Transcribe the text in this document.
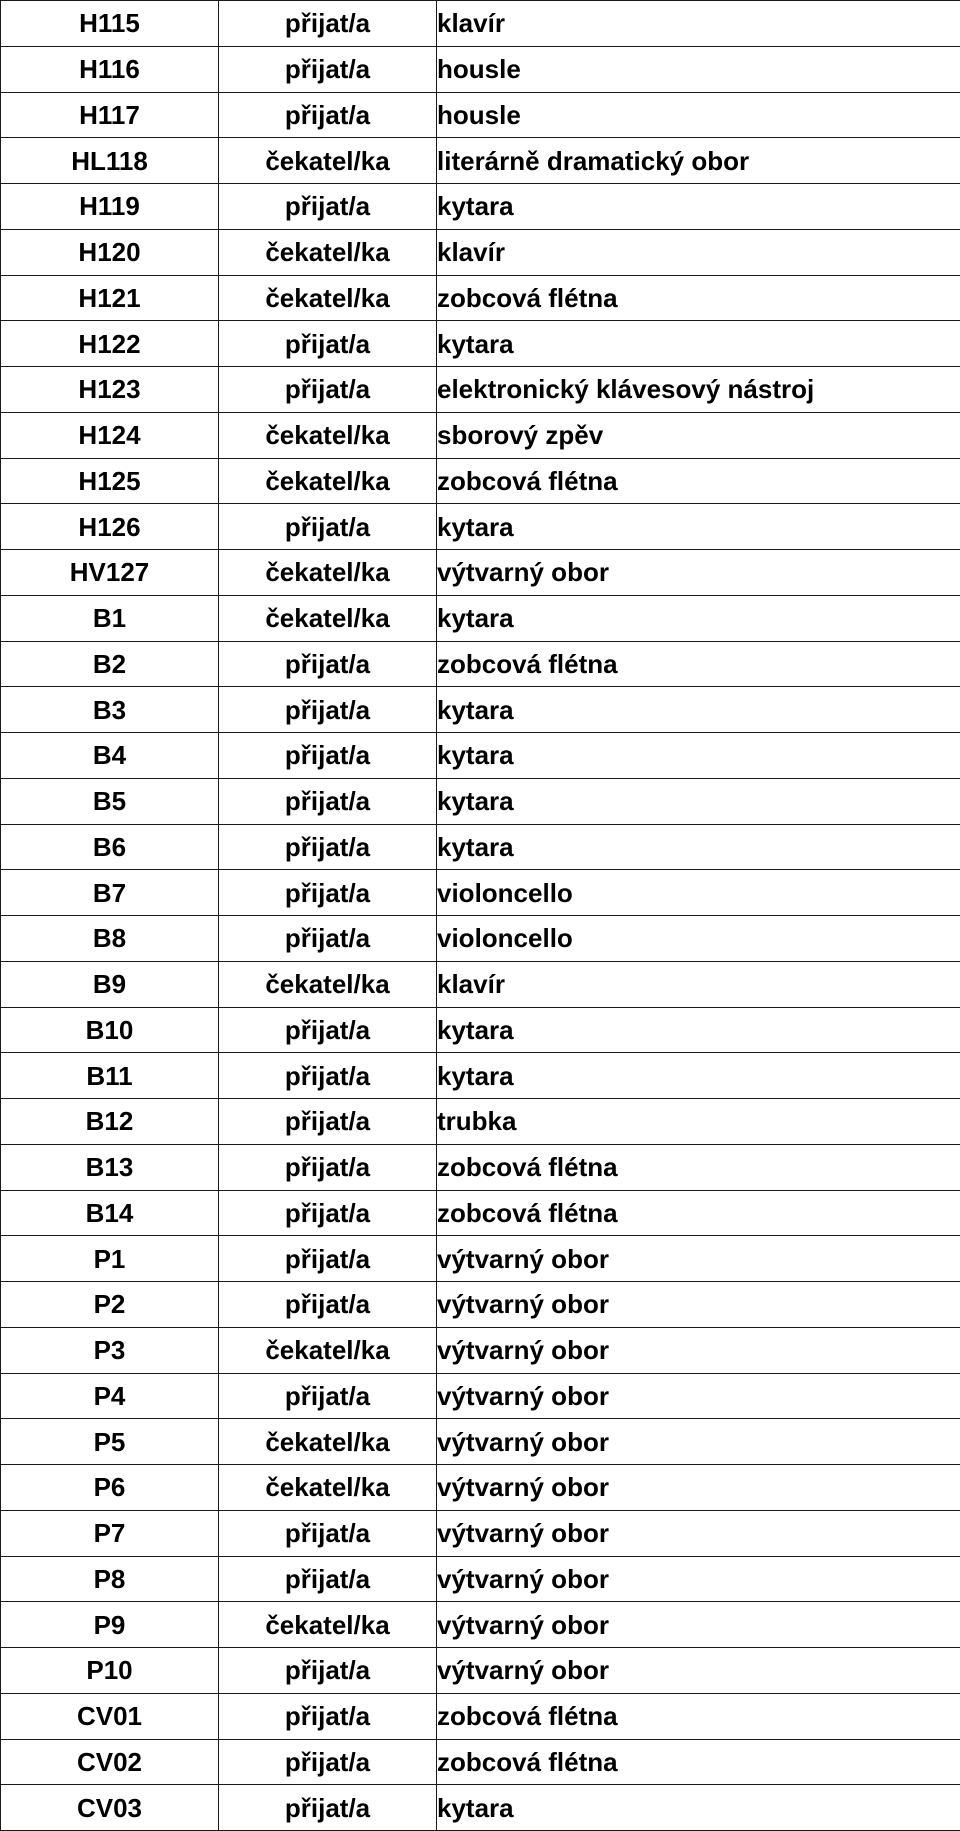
H115	přijat/a	klavír
H116	přijat/a	housle
H117	přijat/a	housle
HL118	čekatel/ka	literárně dramatický obor
H119	přijat/a	kytara
H120	čekatel/ka	klavír
H121	čekatel/ka	zobcová flétna
H122	přijat/a	kytara
H123	přijat/a	elektronický klávesový nástroj
H124	čekatel/ka	sborový zpěv
H125	čekatel/ka	zobcová flétna
H126	přijat/a	kytara
HV127	čekatel/ka	výtvarný obor
B1	čekatel/ka	kytara
B2	přijat/a	zobcová flétna
B3	přijat/a	kytara
B4	přijat/a	kytara
B5	přijat/a	kytara
B6	přijat/a	kytara
B7	přijat/a	violoncello
B8	přijat/a	violoncello
B9	čekatel/ka	klavír
B10	přijat/a	kytara
B11	přijat/a	kytara
B12	přijat/a	trubka
B13	přijat/a	zobcová flétna
B14	přijat/a	zobcová flétna
P1	přijat/a	výtvarný obor
P2	přijat/a	výtvarný obor
P3	čekatel/ka	výtvarný obor
P4	přijat/a	výtvarný obor
P5	čekatel/ka	výtvarný obor
P6	čekatel/ka	výtvarný obor
P7	přijat/a	výtvarný obor
P8	přijat/a	výtvarný obor
P9	čekatel/ka	výtvarný obor
P10	přijat/a	výtvarný obor
CV01	přijat/a	zobcová flétna
CV02	přijat/a	zobcová flétna
CV03	přijat/a	kytara
